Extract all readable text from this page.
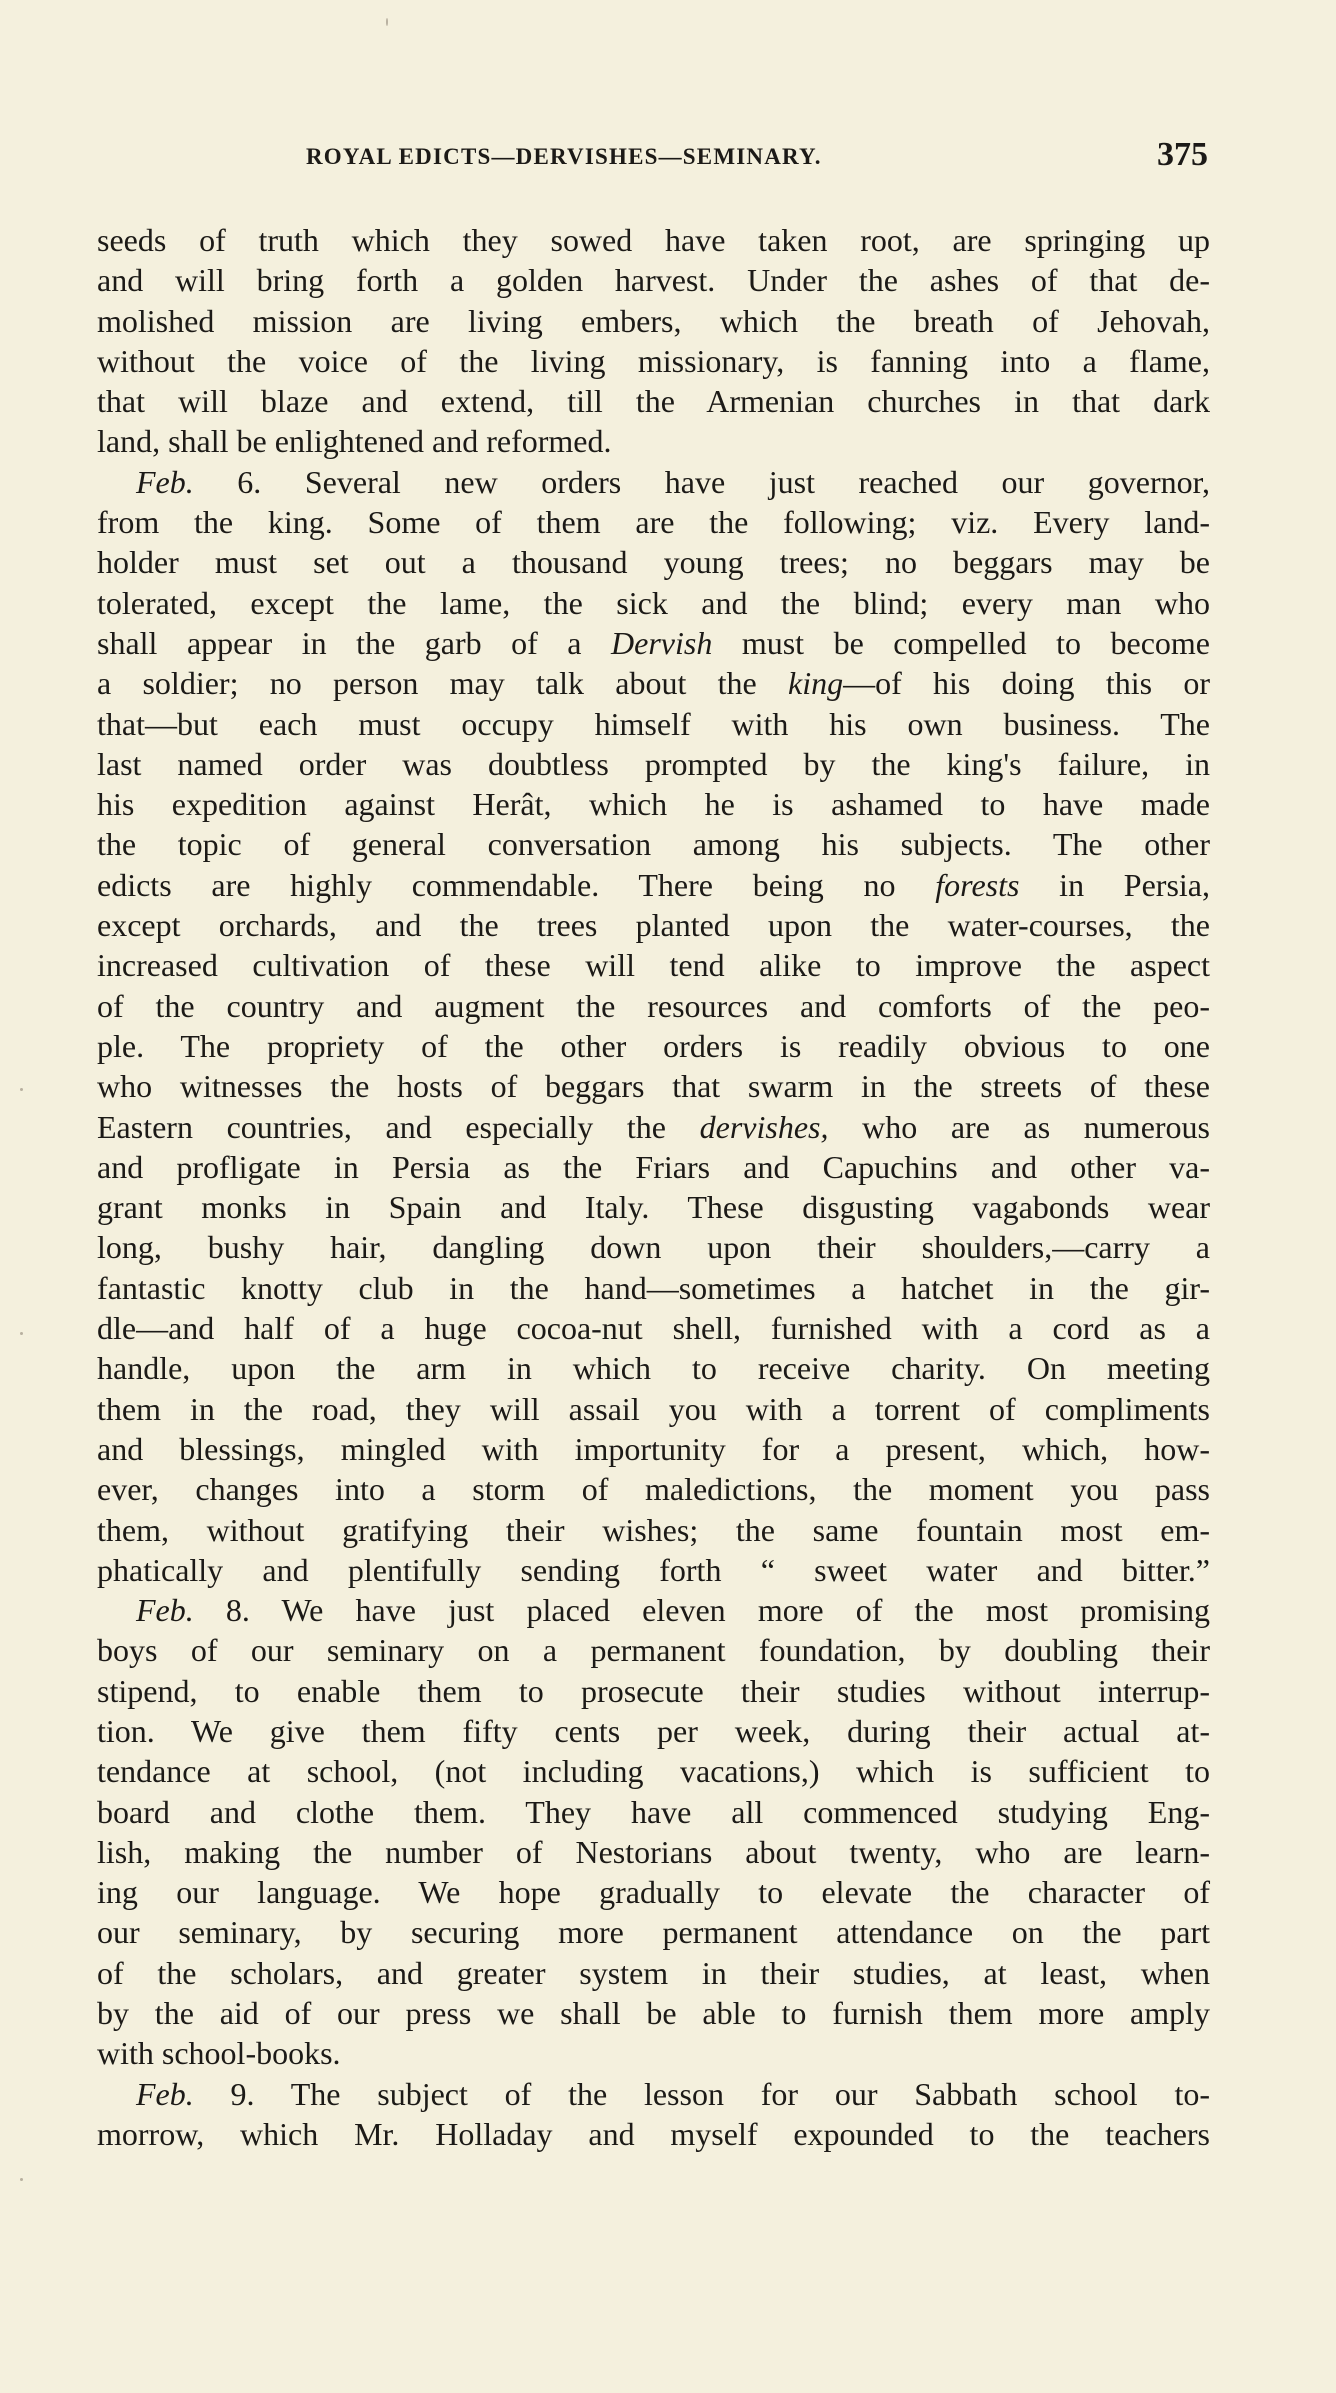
ROYAL EDICTS—DERVISHES—SEMINARY.	375
seeds of truth which they sowed have taken root, are springing up
and will bring forth a golden harvest. Under the ashes of that de-
molished mission are living embers, which the breath of Jehovah,
without the voice of the living missionary, is fanning into a flame,
that will blaze and extend, till the Armenian churches in that dark
land, shall be enlightened and reformed.
Feb. 6. Several new orders have just reached our governor,
from the king. Some of them are the following; viz. Every land-
holder must set out a thousand young trees; no beggars may be
tolerated, except the lame, the sick and the blind; every man who
shall appear in the garb of a Dervish must be compelled to become
a soldier; no person may talk about the king—of his doing this or
that—but each must occupy himself with his own business. The
last named order was doubtless prompted by the king's failure, in
his expedition against Herât, which he is ashamed to have made
the topic of general conversation among his subjects. The other
edicts are highly commendable. There being no forests in Persia,
except orchards, and the trees planted upon the water-courses, the
increased cultivation of these will tend alike to improve the aspect
of the country and augment the resources and comforts of the peo-
ple. The propriety of the other orders is readily obvious to one
who witnesses the hosts of beggars that swarm in the streets of these
Eastern countries, and especially the dervishes, who are as numerous
and profligate in Persia as the Friars and Capuchins and other va-
grant monks in Spain and Italy. These disgusting vagabonds wear
long, bushy hair, dangling down upon their shoulders,—carry a
fantastic knotty club in the hand—sometimes a hatchet in the gir-
dle—and half of a huge cocoa-nut shell, furnished with a cord as a
handle, upon the arm in which to receive charity. On meeting
them in the road, they will assail you with a torrent of compliments
and blessings, mingled with importunity for a present, which, how-
ever, changes into a storm of maledictions, the moment you pass
them, without gratifying their wishes; the same fountain most em-
phatically and plentifully sending forth “ sweet water and bitter.”
Feb. 8. We have just placed eleven more of the most promising
boys of our seminary on a permanent foundation, by doubling their
stipend, to enable them to prosecute their studies without interrup-
tion. We give them fifty cents per week, during their actual at-
tendance at school, (not including vacations,) which is sufficient to
board and clothe them. They have all commenced studying Eng-
lish, making the number of Nestorians about twenty, who are learn-
ing our language. We hope gradually to elevate the character of
our seminary, by securing more permanent attendance on the part
of the scholars, and greater system in their studies, at least, when
by the aid of our press we shall be able to furnish them more amply
with school-books.
Feb. 9. The subject of the lesson for our Sabbath school to-
morrow, which Mr. Holladay and myself expounded to the teachers
